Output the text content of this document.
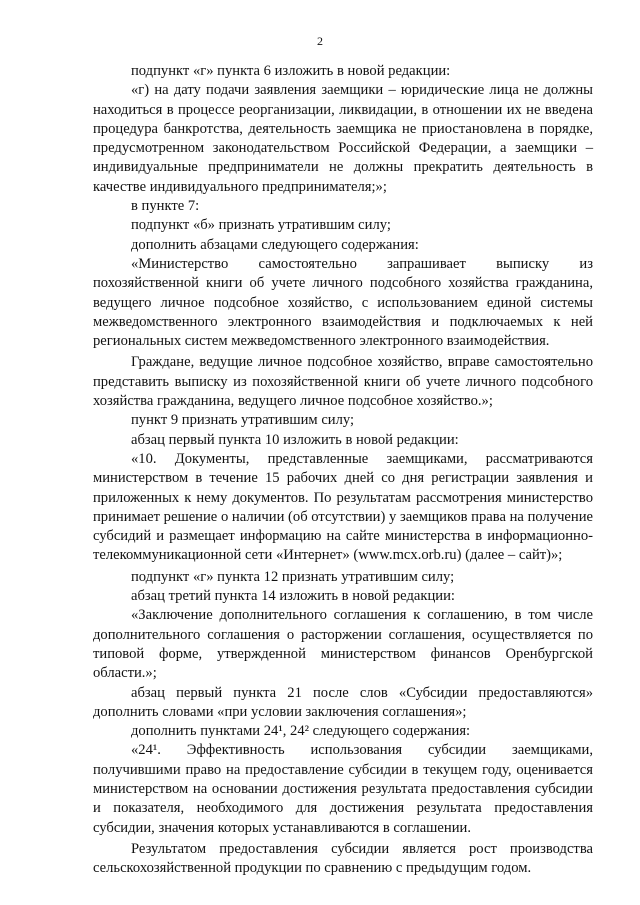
2

подпункт «г» пункта 6 изложить в новой редакции:

«г) на дату подачи заявления заемщики – юридические лица не должны находиться в процессе реорганизации, ликвидации, в отношении их не введена процедура банкротства, деятельность заемщика не приостановлена в порядке, предусмотренном законодательством Российской Федерации, а заемщики – индивидуальные предприниматели не должны прекратить деятельность в качестве индивидуального предпринимателя;»;

в пункте 7:

подпункт «б» признать утратившим силу;

дополнить абзацами следующего содержания:

«Министерство самостоятельно запрашивает выписку из похозяйственной книги об учете личного подсобного хозяйства гражданина, ведущего личное подсобное хозяйство, с использованием единой системы межведомственного электронного взаимодействия и подключаемых к ней региональных систем межведомственного электронного взаимодействия.

Граждане, ведущие личное подсобное хозяйство, вправе самостоятельно представить выписку из похозяйственной книги об учете личного подсобного хозяйства гражданина, ведущего личное подсобное хозяйство.»;

пункт 9 признать утратившим силу;

абзац первый пункта 10 изложить в новой редакции:

«10. Документы, представленные заемщиками, рассматриваются министерством в течение 15 рабочих дней со дня регистрации заявления и приложенных к нему документов. По результатам рассмотрения министерство принимает решение о наличии (об отсутствии) у заемщиков права на получение субсидий и размещает информацию на сайте министерства в информационно-телекоммуникационной сети «Интернет» (www.mcx.orb.ru) (далее – сайт)»;

подпункт «г» пункта 12 признать утратившим силу;

абзац третий пункта 14 изложить в новой редакции:

«Заключение дополнительного соглашения к соглашению, в том числе дополнительного соглашения о расторжении соглашения, осуществляется по типовой форме, утвержденной министерством финансов Оренбургской области.»;

абзац первый пункта 21 после слов «Субсидии предоставляются» дополнить словами «при условии заключения соглашения»;

дополнить пунктами 24¹, 24² следующего содержания:

«24¹. Эффективность использования субсидии заемщиками, получившими право на предоставление субсидии в текущем году, оценивается министерством на основании достижения результата предоставления субсидии и показателя, необходимого для достижения результата предоставления субсидии, значения которых устанавливаются в соглашении.

Результатом предоставления субсидии является рост производства сельскохозяйственной продукции по сравнению с предыдущим годом.
